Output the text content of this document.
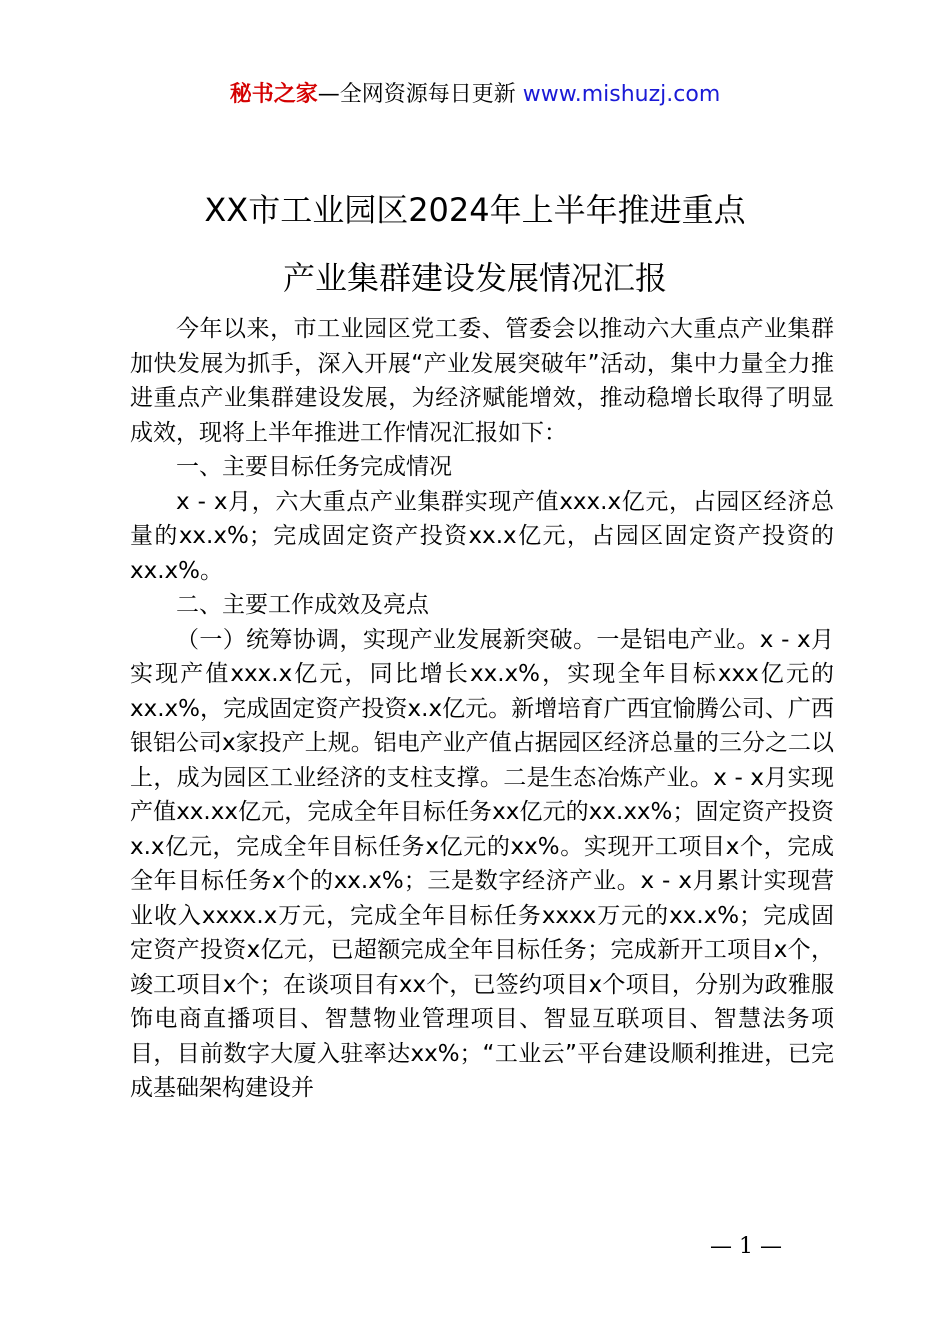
秘书之家—全网资源每日更新 www.mishuzj.com
XX市工业园区2024年上半年推进重点
产业集群建设发展情况汇报

今年以来，市工业园区党工委、管委会以推动六大重点产业集群加快发展为抓手，深入开展“产业发展突破年”活动，集中力量全力推进重点产业集群建设发展，为经济赋能增效，推动稳增长取得了明显成效，现将上半年推进工作情况汇报如下：

一、主要目标任务完成情况

x - x月，六大重点产业集群实现产值xxx.x亿元，占园区经济总量的xx.x%；完成固定资产投资xx.x亿元，占园区固定资产投资的xx.x%。

二、主要工作成效及亮点

（一）统筹协调，实现产业发展新突破。一是铝电产业。x - x月实现产值xxx.x亿元，同比增长xx.x%，实现全年目标xxx亿元的xx.x%，完成固定资产投资x.x亿元。新增培育广西宜愉腾公司、广西银铝公司x家投产上规。铝电产业产值占据园区经济总量的三分之二以上，成为园区工业经济的支柱支撑。二是生态冶炼产业。x - x月实现产值xx.xx亿元，完成全年目标任务xx亿元的xx.xx%；固定资产投资x.x亿元，完成全年目标任务x亿元的xx%。实现开工项目x个，完成全年目标任务x个的xx.x%；三是数字经济产业。x - x月累计实现营业收入xxxx.x万元，完成全年目标任务xxxx万元的xx.x%；完成固定资产投资x亿元，已超额完成全年目标任务；完成新开工项目x个，竣工项目x个；在谈项目有xx个，已签约项目x个项目，分别为政雅服饰电商直播项目、智慧物业管理项目、智显互联项目、智慧法务项目，目前数字大厦入驻率达xx%；“工业云”平台建设顺利推进，已完成基础架构建设并

— 1 —
